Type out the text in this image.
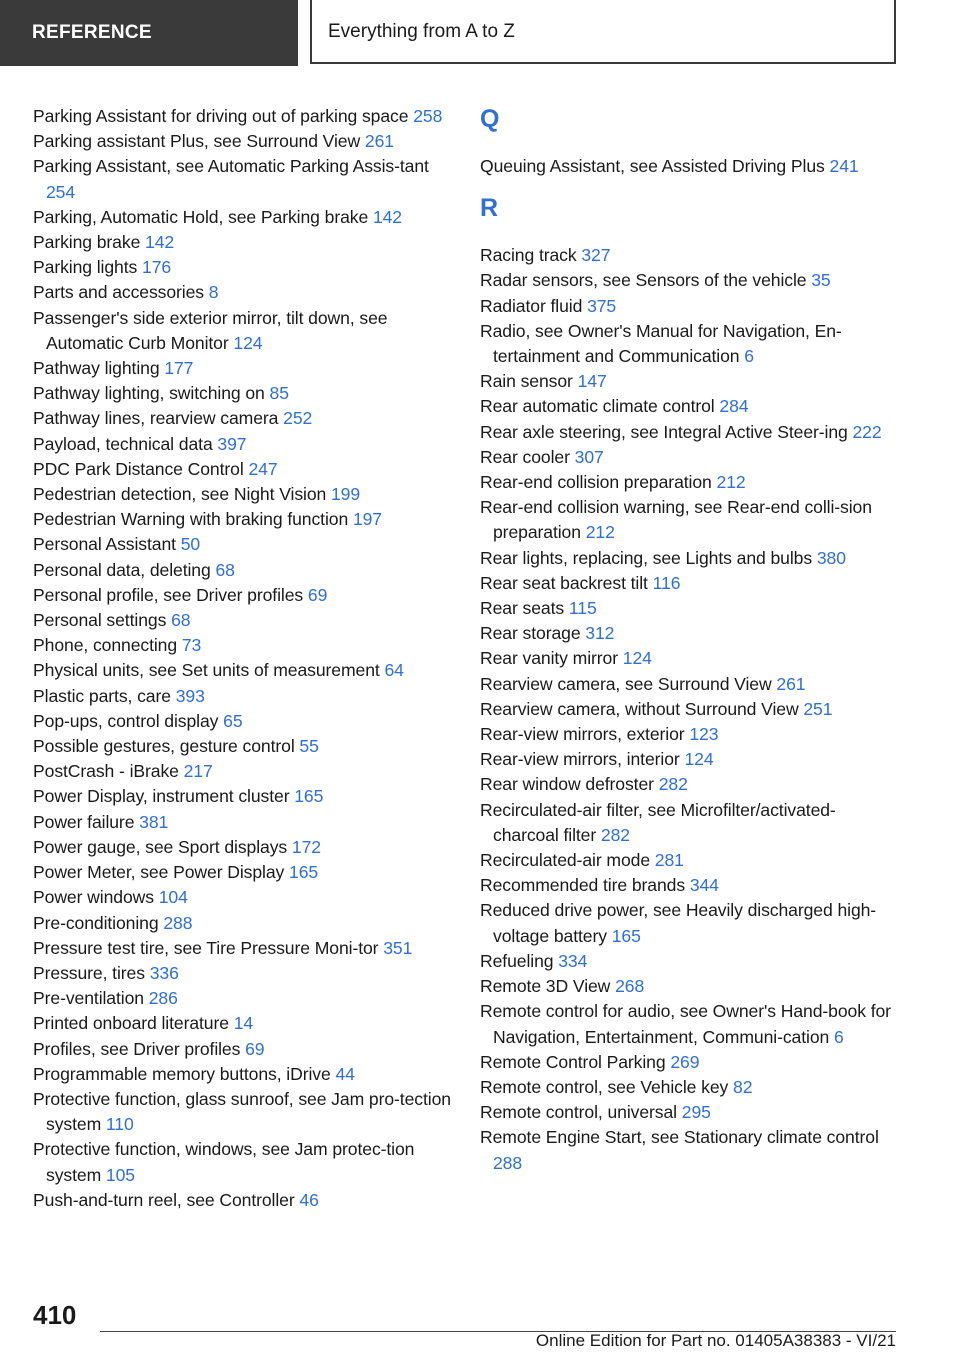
REFERENCE	Everything from A to Z

Parking Assistant for driving out of parking space 258

Parking assistant Plus, see Surround View 261

Parking Assistant, see Automatic Parking Assis-tant 254

Parking, Automatic Hold, see Parking brake 142

Parking brake 142

Parking lights 176

Parts and accessories 8

Passenger's side exterior mirror, tilt down, see Automatic Curb Monitor 124

Pathway lighting 177

Pathway lighting, switching on 85

Pathway lines, rearview camera 252

Payload, technical data 397

PDC Park Distance Control 247

Pedestrian detection, see Night Vision 199

Pedestrian Warning with braking function 197

Personal Assistant 50

Personal data, deleting 68

Personal profile, see Driver profiles 69

Personal settings 68

Phone, connecting 73

Physical units, see Set units of measurement 64

Plastic parts, care 393

Pop-ups, control display 65

Possible gestures, gesture control 55

PostCrash - iBrake 217

Power Display, instrument cluster 165

Power failure 381

Power gauge, see Sport displays 172

Power Meter, see Power Display 165

Power windows 104

Pre-conditioning 288

Pressure test tire, see Tire Pressure Moni-tor 351

Pressure, tires 336

Pre-ventilation 286

Printed onboard literature 14

Profiles, see Driver profiles 69

Programmable memory buttons, iDrive 44

Protective function, glass sunroof, see Jam pro-tection system 110

Protective function, windows, see Jam protec-tion system 105

Push-and-turn reel, see Controller 46

Q

Queuing Assistant, see Assisted Driving Plus 241

R

Racing track 327

Radar sensors, see Sensors of the vehicle 35

Radiator fluid 375

Radio, see Owner's Manual for Navigation, En-tertainment and Communication 6

Rain sensor 147

Rear automatic climate control 284

Rear axle steering, see Integral Active Steer-ing 222

Rear cooler 307

Rear-end collision preparation 212

Rear-end collision warning, see Rear-end colli-sion preparation 212

Rear lights, replacing, see Lights and bulbs 380

Rear seat backrest tilt 116

Rear seats 115

Rear storage 312

Rear vanity mirror 124

Rearview camera, see Surround View 261

Rearview camera, without Surround View 251

Rear-view mirrors, exterior 123

Rear-view mirrors, interior 124

Rear window defroster 282

Recirculated-air filter, see Microfilter/activated-charcoal filter 282

Recirculated-air mode 281

Recommended tire brands 344

Reduced drive power, see Heavily discharged high-voltage battery 165

Refueling 334

Remote 3D View 268

Remote control for audio, see Owner's Hand-book for Navigation, Entertainment, Communi-cation 6

Remote Control Parking 269

Remote control, see Vehicle key 82

Remote control, universal 295

Remote Engine Start, see Stationary climate control 288

410
Online Edition for Part no. 01405A38383 - VI/21
